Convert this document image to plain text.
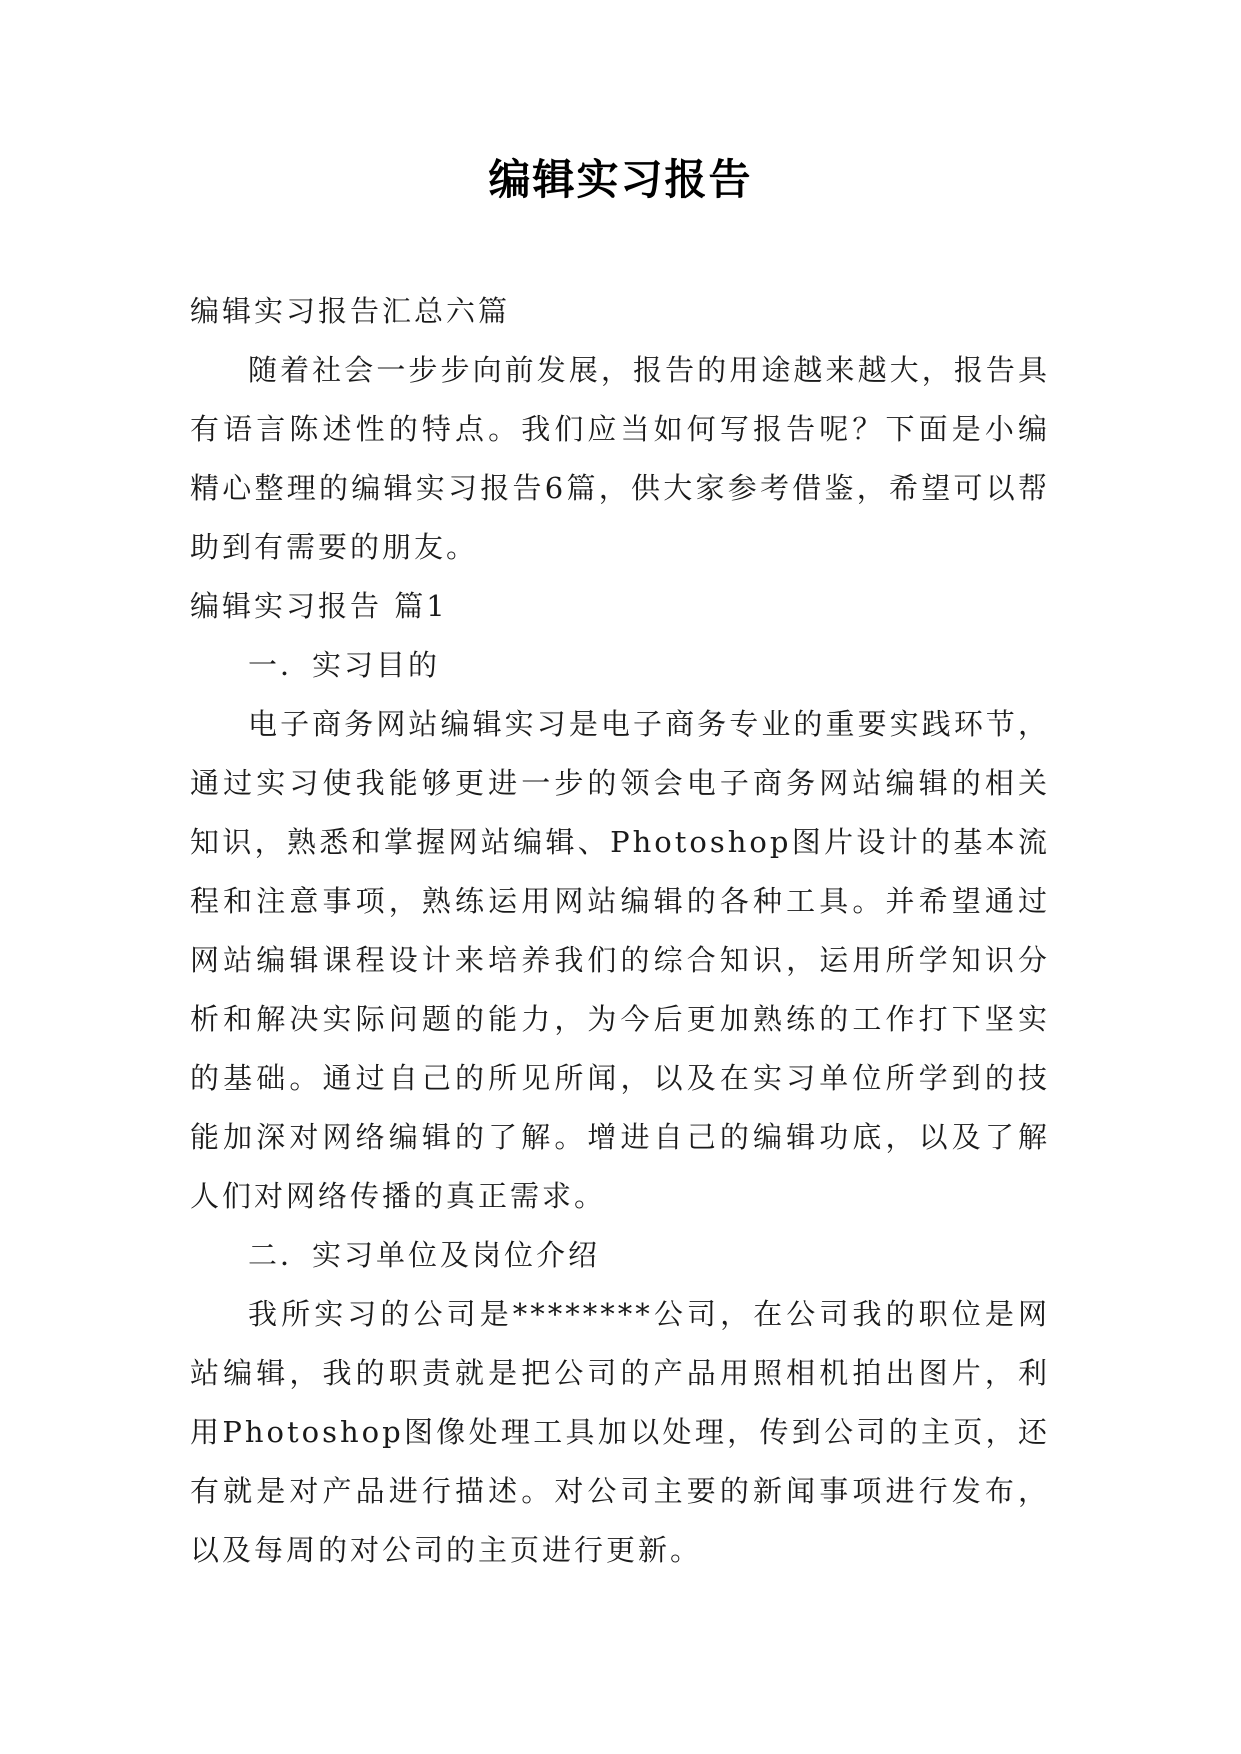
编辑实习报告

编辑实习报告汇总六篇

随着社会一步步向前发展，报告的用途越来越大，报告具有语言陈述性的特点。我们应当如何写报告呢？下面是小编精心整理的编辑实习报告6篇，供大家参考借鉴，希望可以帮助到有需要的朋友。

编辑实习报告 篇1

一．实习目的

电子商务网站编辑实习是电子商务专业的重要实践环节，通过实习使我能够更进一步的领会电子商务网站编辑的相关知识，熟悉和掌握网站编辑、Photoshop图片设计的基本流程和注意事项，熟练运用网站编辑的各种工具。并希望通过网站编辑课程设计来培养我们的综合知识，运用所学知识分析和解决实际问题的能力，为今后更加熟练的工作打下坚实的基础。通过自己的所见所闻，以及在实习单位所学到的技能加深对网络编辑的了解。增进自己的编辑功底，以及了解人们对网络传播的真正需求。

二．实习单位及岗位介绍

我所实习的公司是********公司，在公司我的职位是网站编辑，我的职责就是把公司的产品用照相机拍出图片，利用Photoshop图像处理工具加以处理，传到公司的主页，还有就是对产品进行描述。对公司主要的新闻事项进行发布，以及每周的对公司的主页进行更新。
